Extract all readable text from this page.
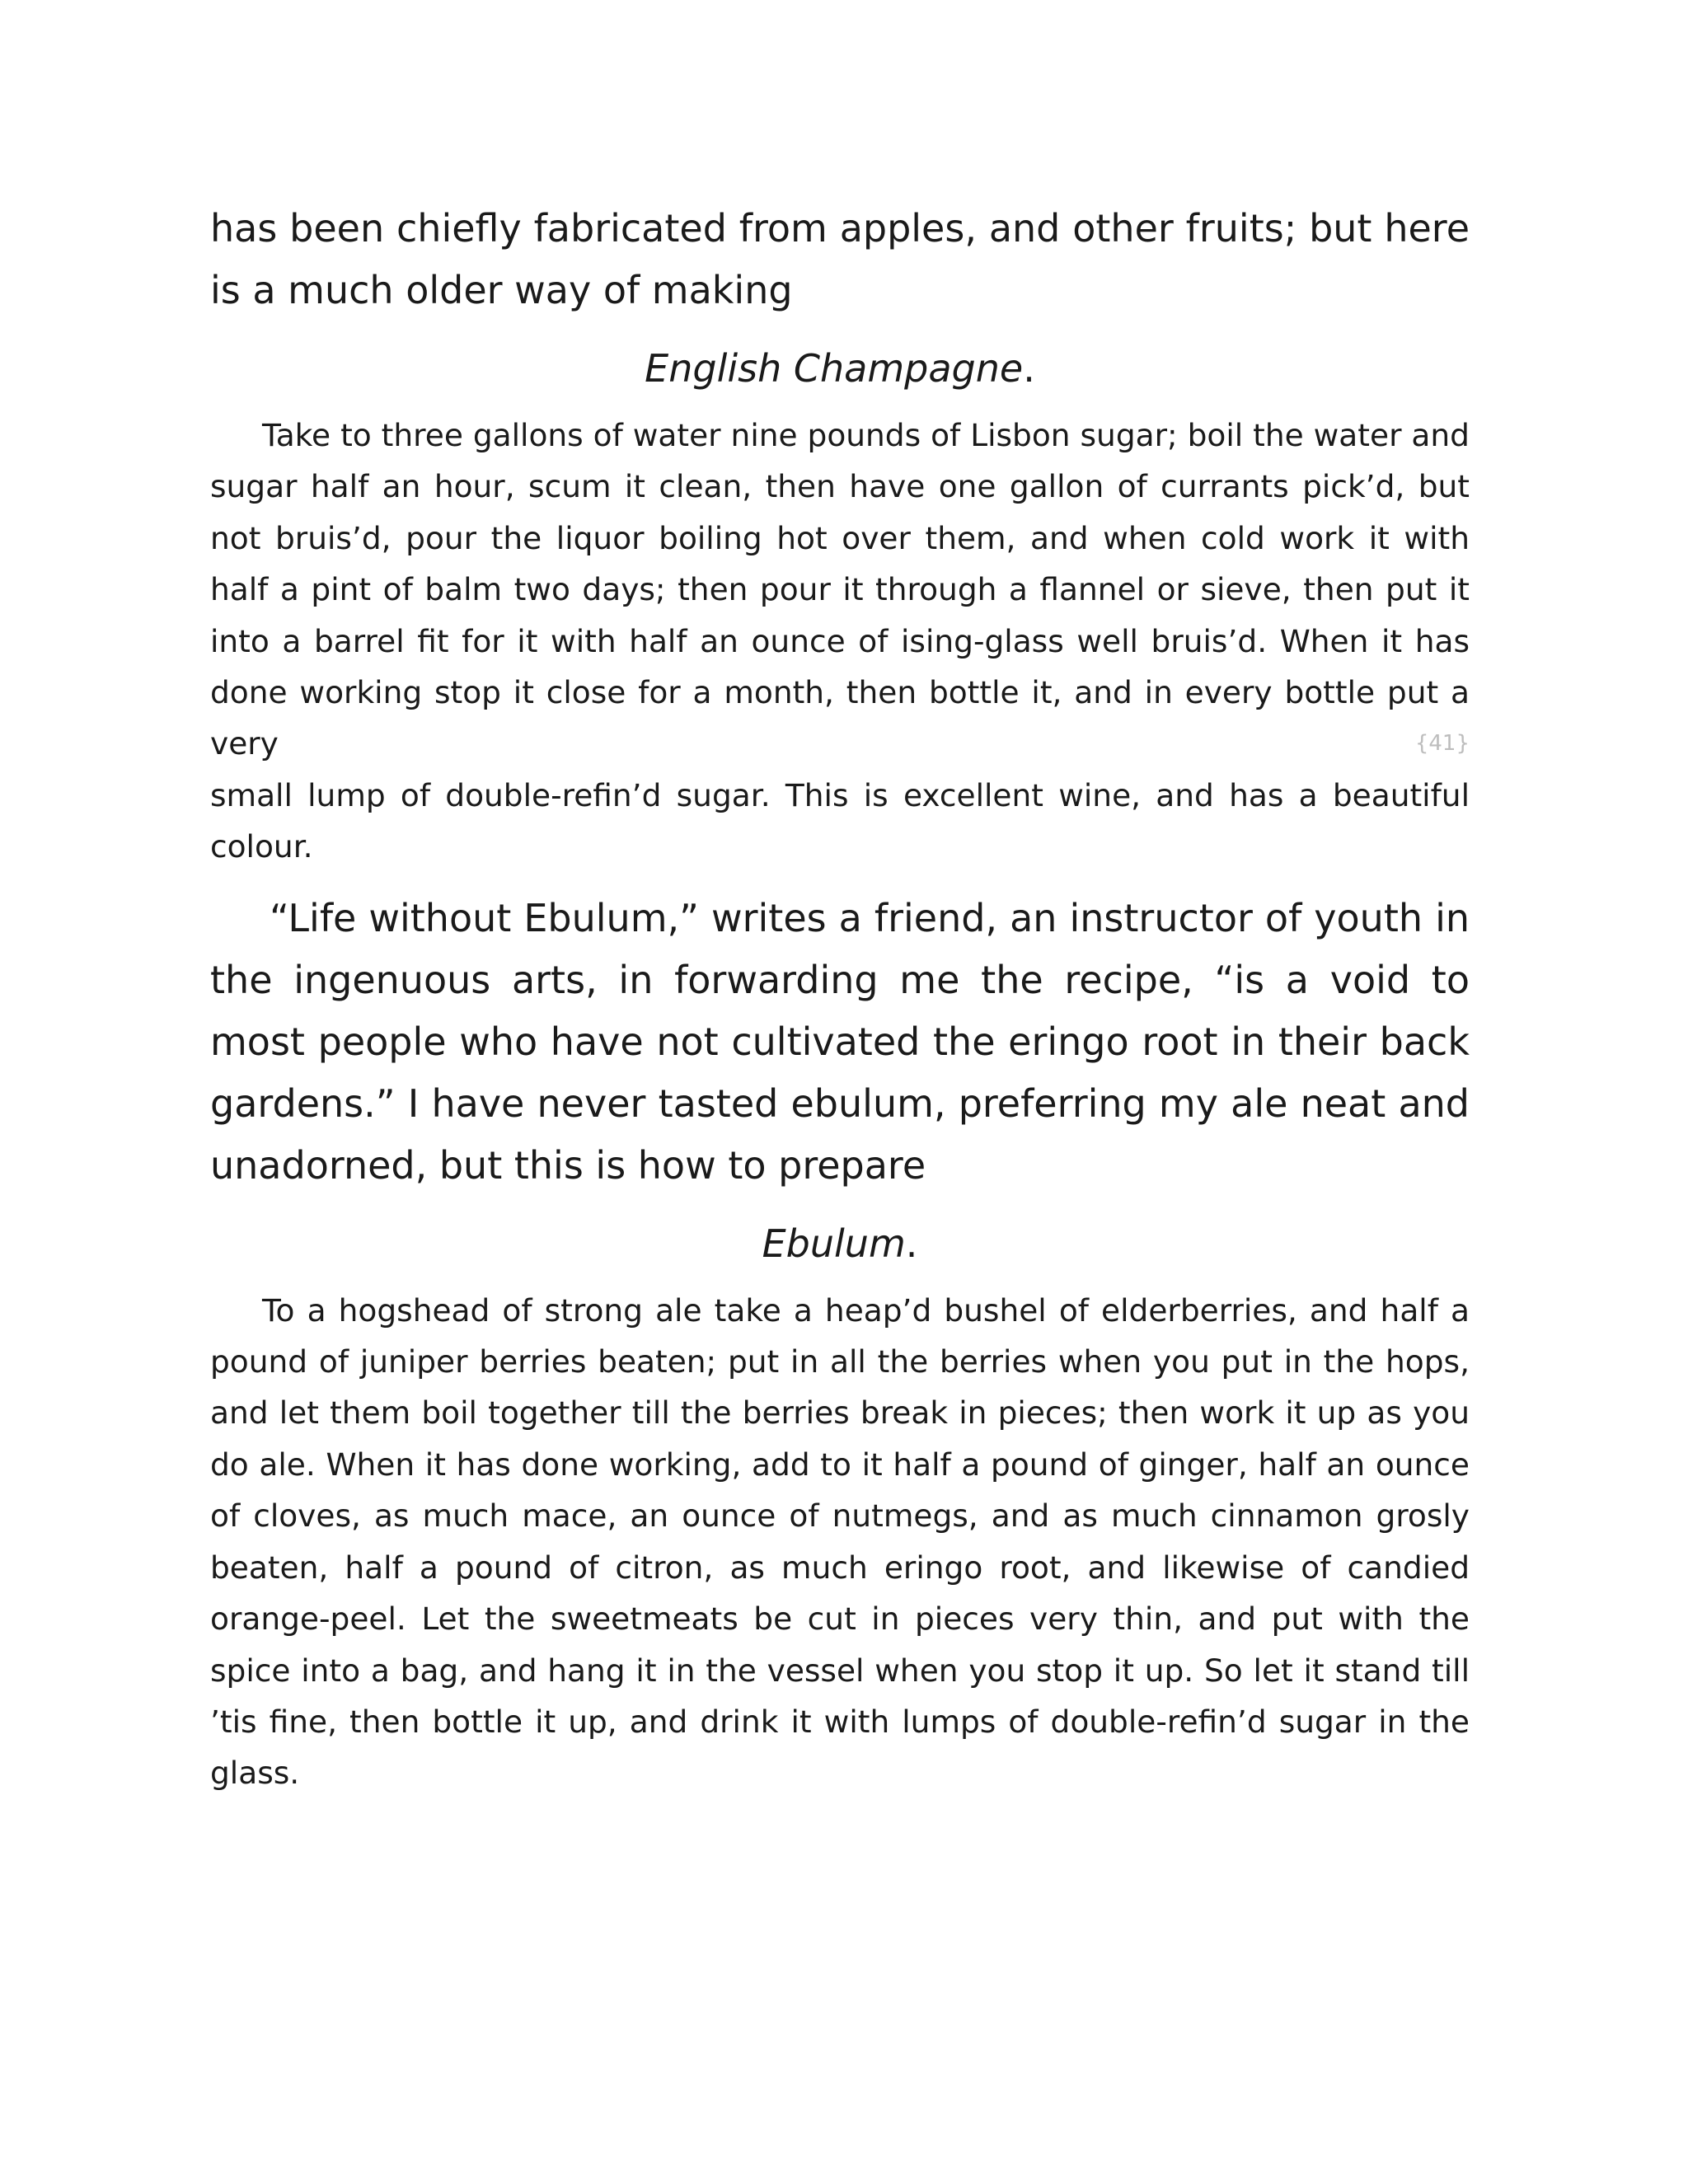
has been chiefly fabricated from apples, and other fruits; but here is a much older way of making

English Champagne.

Take to three gallons of water nine pounds of Lisbon sugar; boil the water and sugar half an hour, scum it clean, then have one gallon of currants pick’d, but not bruis’d, pour the liquor boiling hot over them, and when cold work it with half a pint of balm two days; then pour it through a flannel or sieve, then put it into a barrel fit for it with half an ounce of ising-glass well bruis’d. When it has done working stop it close for a month, then bottle it, and in every bottle put a very	{41}

small lump of double-refin’d sugar. This is excellent wine, and has a beautiful colour.

“Life without Ebulum,” writes a friend, an instructor of youth in the ingenuous arts, in forwarding me the recipe, “is a void to most people who have not cultivated the eringo root in their back gardens.” I have never tasted ebulum, preferring my ale neat and unadorned, but this is how to prepare

Ebulum.

To a hogshead of strong ale take a heap’d bushel of elderberries, and half a pound of juniper berries beaten; put in all the berries when you put in the hops, and let them boil together till the berries break in pieces; then work it up as you do ale. When it has done working, add to it half a pound of ginger, half an ounce of cloves, as much mace, an ounce of nutmegs, and as much cinnamon grosly beaten, half a pound of citron, as much eringo root, and likewise of candied orange-peel. Let the sweetmeats be cut in pieces very thin, and put with the spice into a bag, and hang it in the vessel when you stop it up. So let it stand till ’tis fine, then bottle it up, and drink it with lumps of double-refin’d sugar in the glass.
